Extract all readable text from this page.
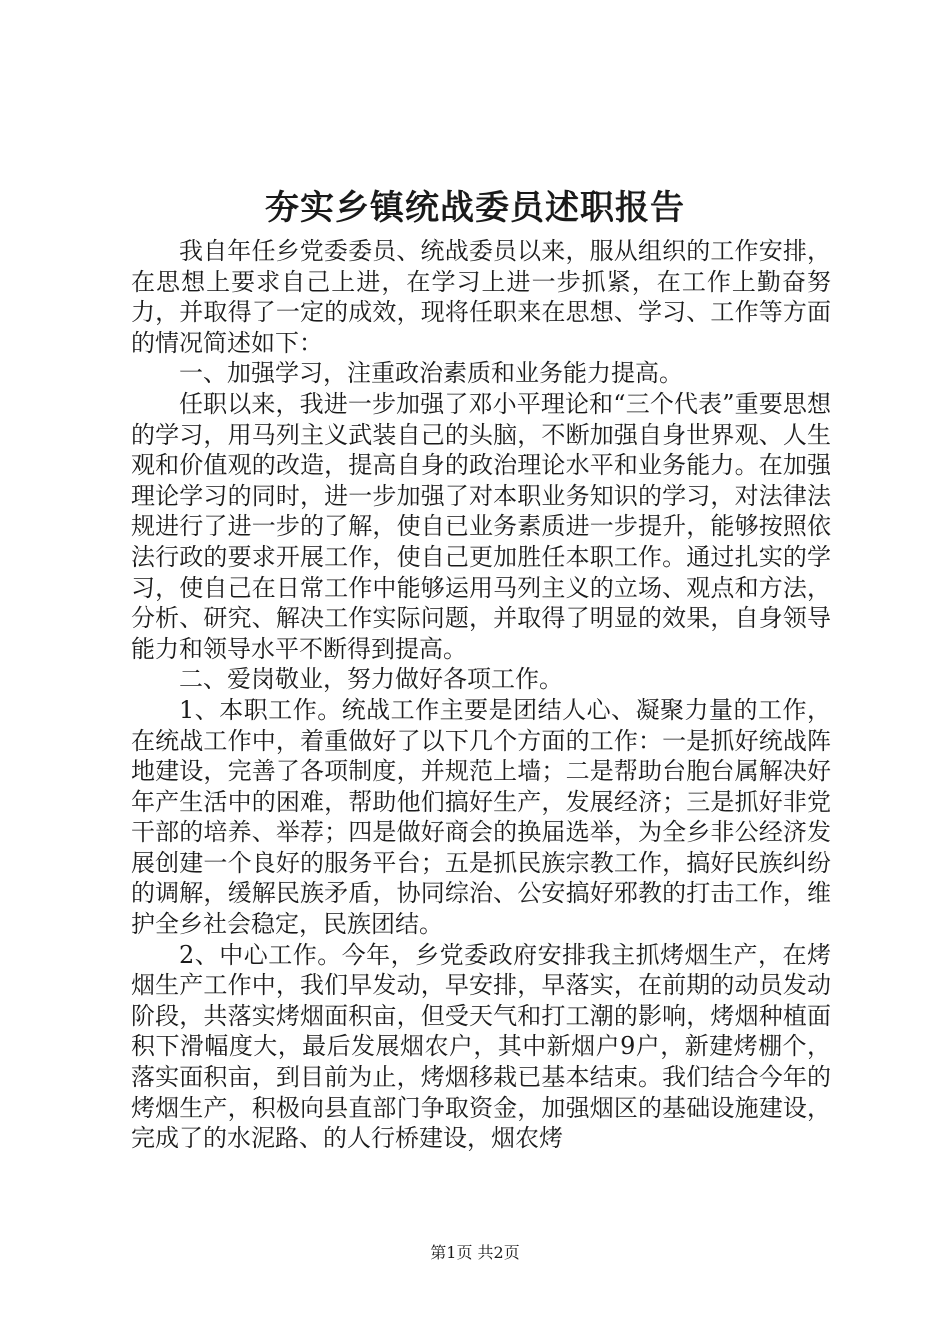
夯实乡镇统战委员述职报告

我自年任乡党委委员、统战委员以来，服从组织的工作安排，在思想上要求自己上进，在学习上进一步抓紧，在工作上勤奋努力，并取得了一定的成效，现将任职来在思想、学习、工作等方面的情况简述如下：

一、加强学习，注重政治素质和业务能力提高。

任职以来，我进一步加强了邓小平理论和“三个代表”重要思想的学习，用马列主义武装自己的头脑，不断加强自身世界观、人生观和价值观的改造，提高自身的政治理论水平和业务能力。在加强理论学习的同时，进一步加强了对本职业务知识的学习，对法律法规进行了进一步的了解，使自已业务素质进一步提升，能够按照依法行政的要求开展工作，使自己更加胜任本职工作。通过扎实的学习，使自己在日常工作中能够运用马列主义的立场、观点和方法，分析、研究、解决工作实际问题，并取得了明显的效果，自身领导能力和领导水平不断得到提高。

二、爱岗敬业，努力做好各项工作。

1、本职工作。统战工作主要是团结人心、凝聚力量的工作，在统战工作中，着重做好了以下几个方面的工作：一是抓好统战阵地建设，完善了各项制度，并规范上墙；二是帮助台胞台属解决好年产生活中的困难，帮助他们搞好生产，发展经济；三是抓好非党干部的培养、举荐；四是做好商会的换届选举，为全乡非公经济发展创建一个良好的服务平台；五是抓民族宗教工作，搞好民族纠纷的调解，缓解民族矛盾，协同综治、公安搞好邪教的打击工作，维护全乡社会稳定，民族团结。

2、中心工作。今年，乡党委政府安排我主抓烤烟生产，在烤烟生产工作中，我们早发动，早安排，早落实，在前期的动员发动阶段，共落实烤烟面积亩，但受天气和打工潮的影响，烤烟种植面积下滑幅度大，最后发展烟农户，其中新烟户9户，新建烤棚个，落实面积亩，到目前为止，烤烟移栽已基本结束。我们结合今年的烤烟生产，积极向县直部门争取资金，加强烟区的基础设施建设，完成了的水泥路、的人行桥建设，烟农烤

第1页 共2页
